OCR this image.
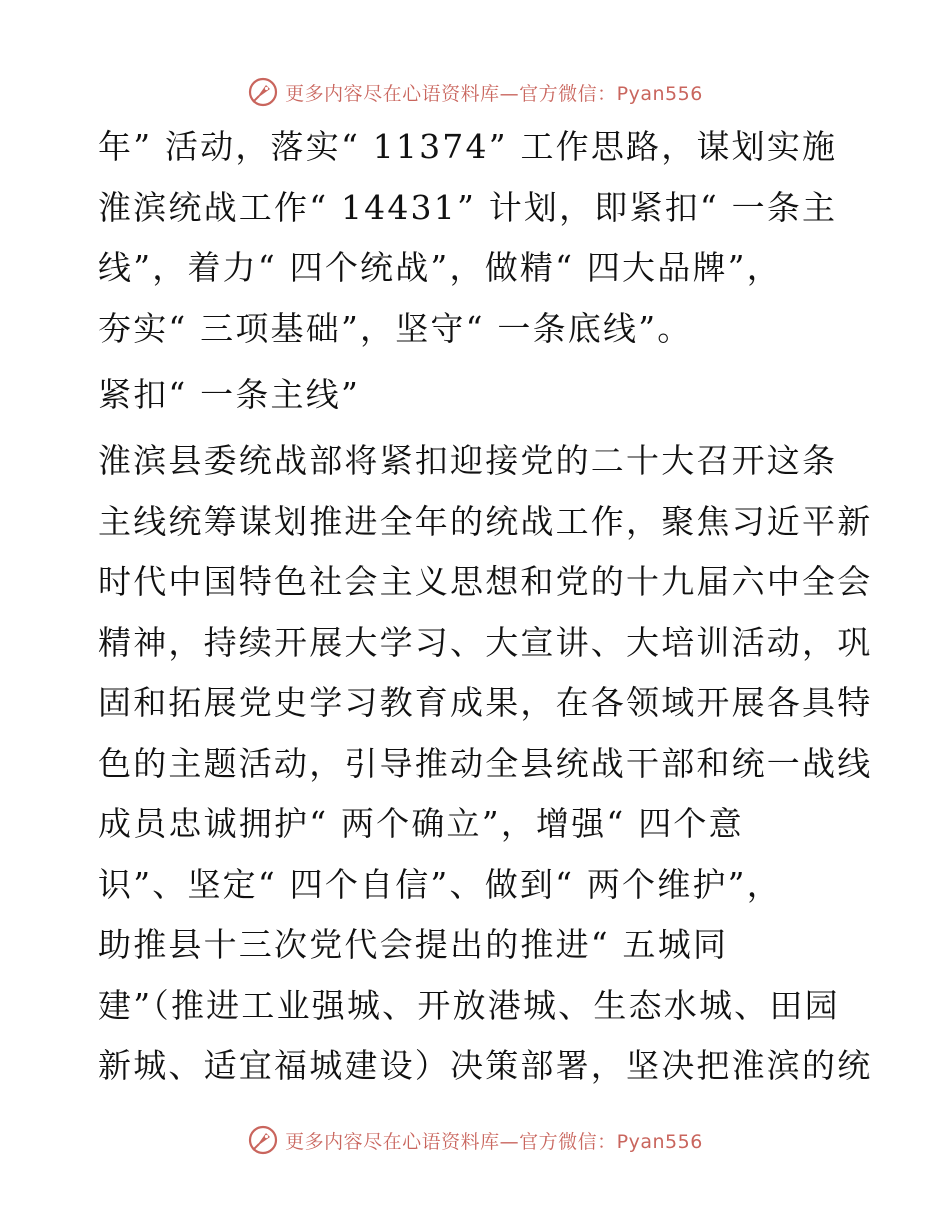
更多内容尽在心语资料库—官方微信：Pyan556
年” 活动，落实“ 11374” 工作思路，谋划实施
淮滨统战工作“ 14431” 计划，即紧扣“ 一条主
线”，着力“ 四个统战”，做精“ 四大品牌”，
夯实“ 三项基础”，坚守“ 一条底线”。
紧扣“ 一条主线”
淮滨县委统战部将紧扣迎接党的二十大召开这条
主线统筹谋划推进全年的统战工作，聚焦习近平新
时代中国特色社会主义思想和党的十九届六中全会
精神，持续开展大学习、大宣讲、大培训活动，巩
固和拓展党史学习教育成果，在各领域开展各具特
色的主题活动，引导推动全县统战干部和统一战线
成员忠诚拥护“ 两个确立”，增强“ 四个意
识”、坚定“ 四个自信”、做到“ 两个维护”，
助推县十三次党代会提出的推进“ 五城同
建”（推进工业强城、开放港城、生态水城、田园
新城、适宜福城建设）决策部署，坚决把淮滨的统
更多内容尽在心语资料库—官方微信：Pyan556
